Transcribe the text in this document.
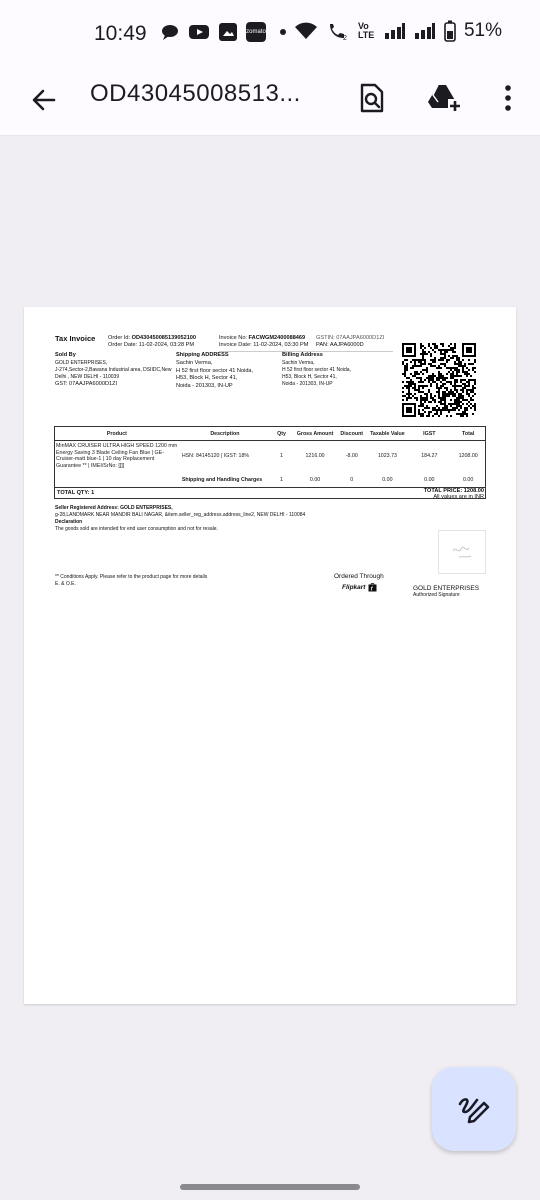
10:49	zomato
2
Vo LTE	51%
OD43045008513...
Tax Invoice Order Id: OD430450085139052100
Order Date: 11-02-2024, 03:28 PM
Invoice No: FACWGM2400088469
Invoice Date: 11-02-2024, 03:30 PM
GSTIN: 07AAJPA6000D1ZI
PAN: AAJPA6000D
Sold By
GOLD ENTERPRISES,
J-274,Sector-2,Bawana Industrial area, DSIIDC,New
Delhi , NEW DELHI - 110039
GST: 07AAJPA6000D1ZI
Shipping ADDRESS
Sachin Verma,
H 52 first floor sector 41 Noida,
H53, Block H, Sector 41,
Noida - 201303, IN-UP
Billing Address
Sachin Verma,
H 52 first floor sector 41 Noida,
H53, Block H, Sector 41,
Noida - 201303, IN-UP
Product	Description	Qty	Gross Amount	Discount	Taxable Value	IGST	Total
MinMAX CRUISER ULTRA HIGH SPEED 1200 mm Energy Saving 3 Blade Ceiling Fan Blue | GE-Cruiser-matt blue-1 | 10 day Replacement Guarantee ** | IMEI/SrNo: [[]]	HSN: 84145120 | IGST: 18%	1	1216.00	-8.00	1023.73	184.27	1208.00
	Shipping and Handling Charges	1	0.00	0	0.00	0.00	0.00
TOTAL QTY: 1	TOTAL PRICE: 1208.00
All values are in INR
Seller Registered Address: GOLD ENTERPRISES,
g-28,LANDMARK NEAR MANDIR BALI NAGAR, &item.seller_reg_address.address_line2, NEW DELHI - 110084
Declaration
The goods sold are intended for end user consumption and not for resale.
** Conditions Apply. Please refer to the product page for more details
E. & O.E.
Ordered Through
Flipkart f	GOLD ENTERPRISES
Authorized Signature
